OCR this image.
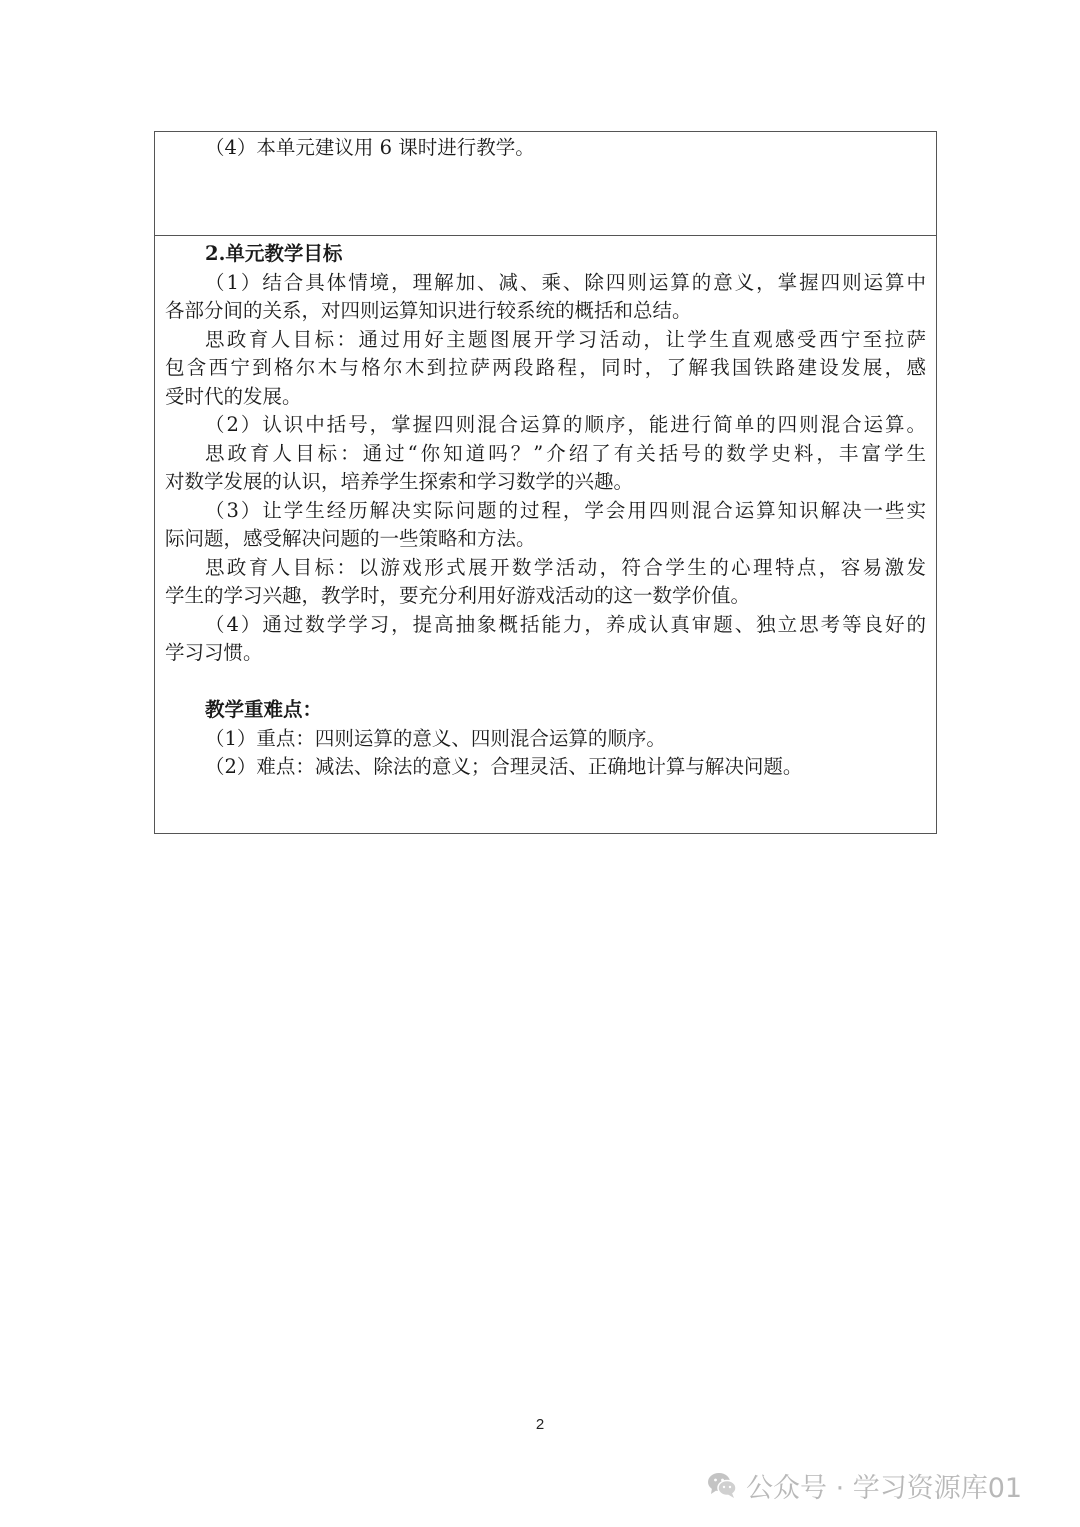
（4）本单元建议用 6 课时进行教学。
2.单元教学目标
（1）结合具体情境，理解加、减、乘、除四则运算的意义，掌握四则运算中
各部分间的关系，对四则运算知识进行较系统的概括和总结。
思政育人目标：通过用好主题图展开学习活动，让学生直观感受西宁至拉萨
包含西宁到格尔木与格尔木到拉萨两段路程，同时，了解我国铁路建设发展，感
受时代的发展。
（2）认识中括号，掌握四则混合运算的顺序，能进行简单的四则混合运算。
思政育人目标：通过“你知道吗？”介绍了有关括号的数学史料，丰富学生
对数学发展的认识，培养学生探索和学习数学的兴趣。
（3）让学生经历解决实际问题的过程，学会用四则混合运算知识解决一些实
际问题，感受解决问题的一些策略和方法。
思政育人目标：以游戏形式展开数学活动，符合学生的心理特点，容易激发
学生的学习兴趣，教学时，要充分利用好游戏活动的这一数学价值。
（4）通过数学学习，提高抽象概括能力，养成认真审题、独立思考等良好的
学习习惯。
教学重难点：
（1）重点：四则运算的意义、四则混合运算的顺序。
（2）难点：减法、除法的意义；合理灵活、正确地计算与解决问题。
2
公众号 · 学习资源库01
